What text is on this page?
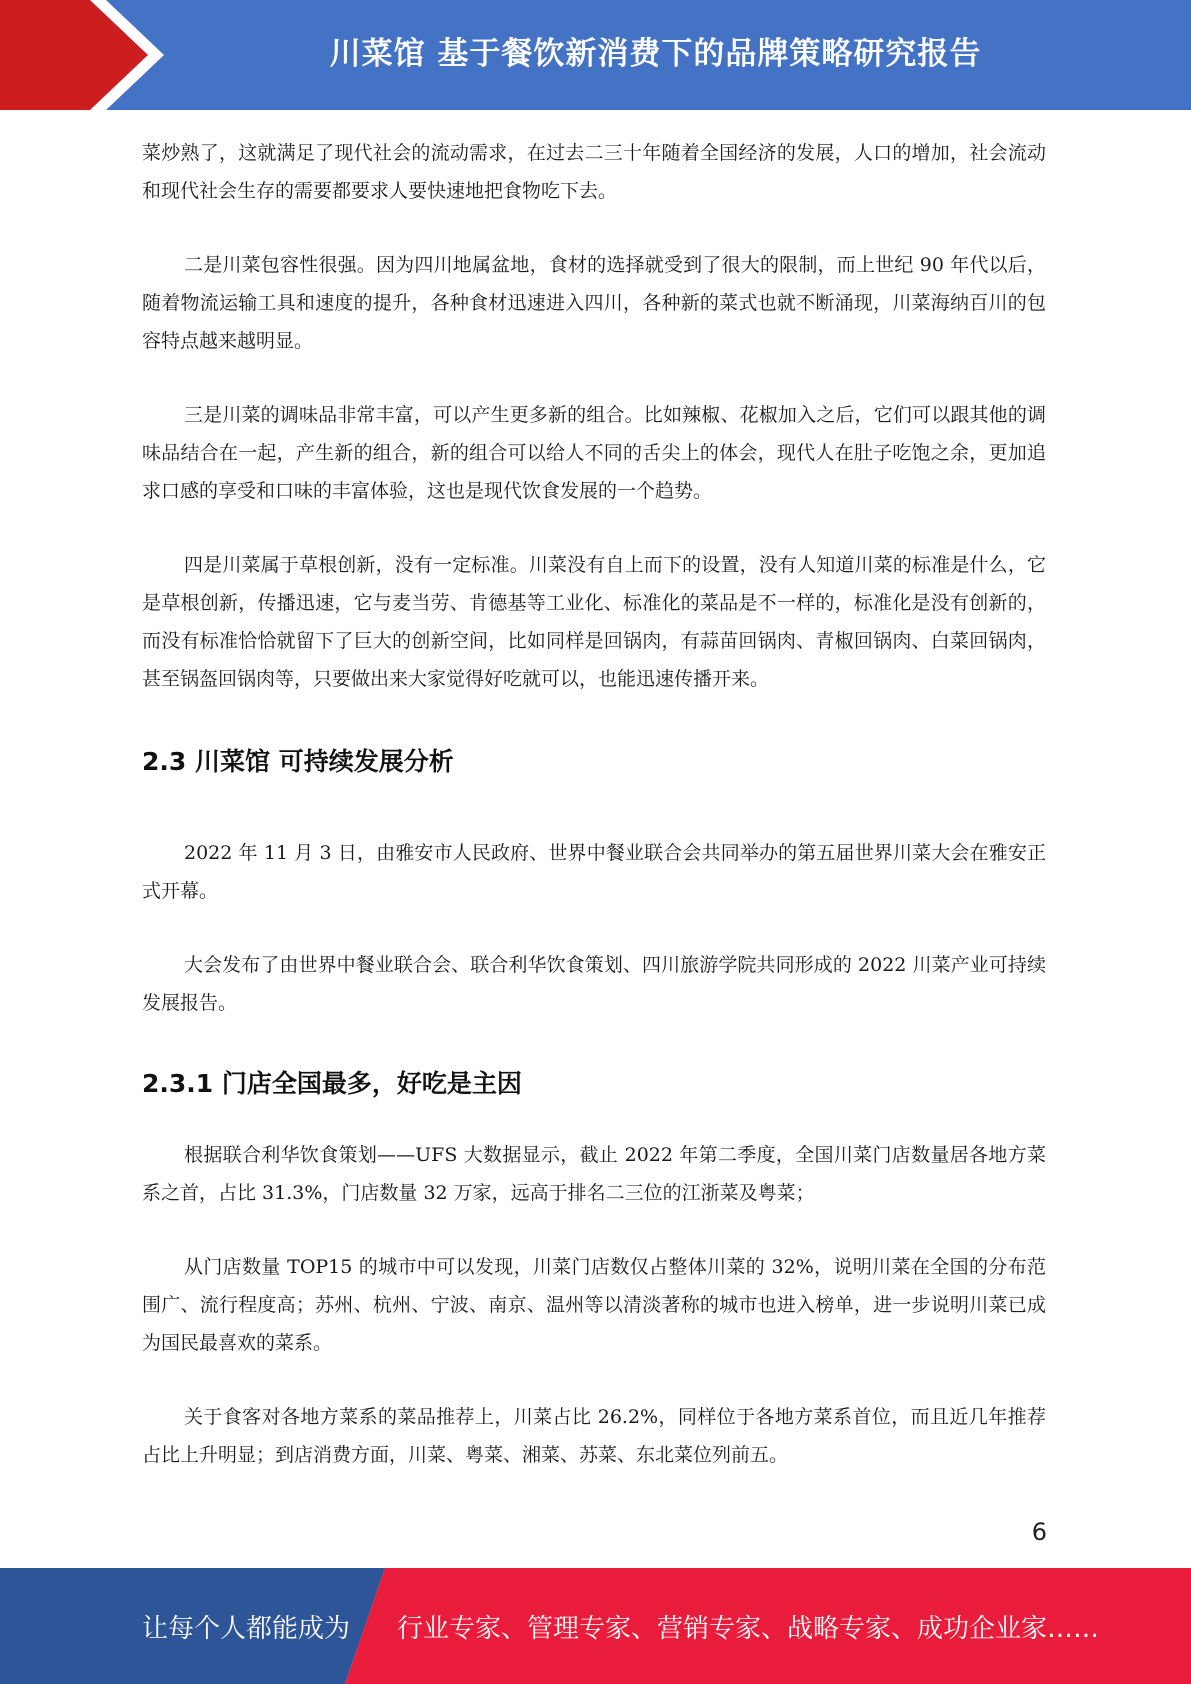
川菜馆 基于餐饮新消费下的品牌策略研究报告

菜炒熟了，这就满足了现代社会的流动需求，在过去二三十年随着全国经济的发展，人口的增加，社会流动和现代社会生存的需要都要求人要快速地把食物吃下去。

二是川菜包容性很强。因为四川地属盆地，食材的选择就受到了很大的限制，而上世纪 90 年代以后，随着物流运输工具和速度的提升，各种食材迅速进入四川，各种新的菜式也就不断涌现，川菜海纳百川的包容特点越来越明显。

三是川菜的调味品非常丰富，可以产生更多新的组合。比如辣椒、花椒加入之后，它们可以跟其他的调味品结合在一起，产生新的组合，新的组合可以给人不同的舌尖上的体会，现代人在肚子吃饱之余，更加追求口感的享受和口味的丰富体验，这也是现代饮食发展的一个趋势。

四是川菜属于草根创新，没有一定标准。川菜没有自上而下的设置，没有人知道川菜的标准是什么，它是草根创新，传播迅速，它与麦当劳、肯德基等工业化、标准化的菜品是不一样的，标准化是没有创新的，而没有标准恰恰就留下了巨大的创新空间，比如同样是回锅肉，有蒜苗回锅肉、青椒回锅肉、白菜回锅肉，甚至锅盔回锅肉等，只要做出来大家觉得好吃就可以，也能迅速传播开来。

2.3 川菜馆 可持续发展分析

2022 年 11 月 3 日，由雅安市人民政府、世界中餐业联合会共同举办的第五届世界川菜大会在雅安正式开幕。

大会发布了由世界中餐业联合会、联合利华饮食策划、四川旅游学院共同形成的 2022 川菜产业可持续发展报告。

2.3.1 门店全国最多，好吃是主因

根据联合利华饮食策划——UFS 大数据显示，截止 2022 年第二季度，全国川菜门店数量居各地方菜系之首，占比 31.3%，门店数量 32 万家，远高于排名二三位的江浙菜及粤菜；

从门店数量 TOP15 的城市中可以发现，川菜门店数仅占整体川菜的 32%，说明川菜在全国的分布范围广、流行程度高；苏州、杭州、宁波、南京、温州等以清淡著称的城市也进入榜单，进一步说明川菜已成为国民最喜欢的菜系。

关于食客对各地方菜系的菜品推荐上，川菜占比 26.2%，同样位于各地方菜系首位，而且近几年推荐占比上升明显；到店消费方面，川菜、粤菜、湘菜、苏菜、东北菜位列前五。

6
让每个人都能成为 行业专家、管理专家、营销专家、战略专家、成功企业家……
